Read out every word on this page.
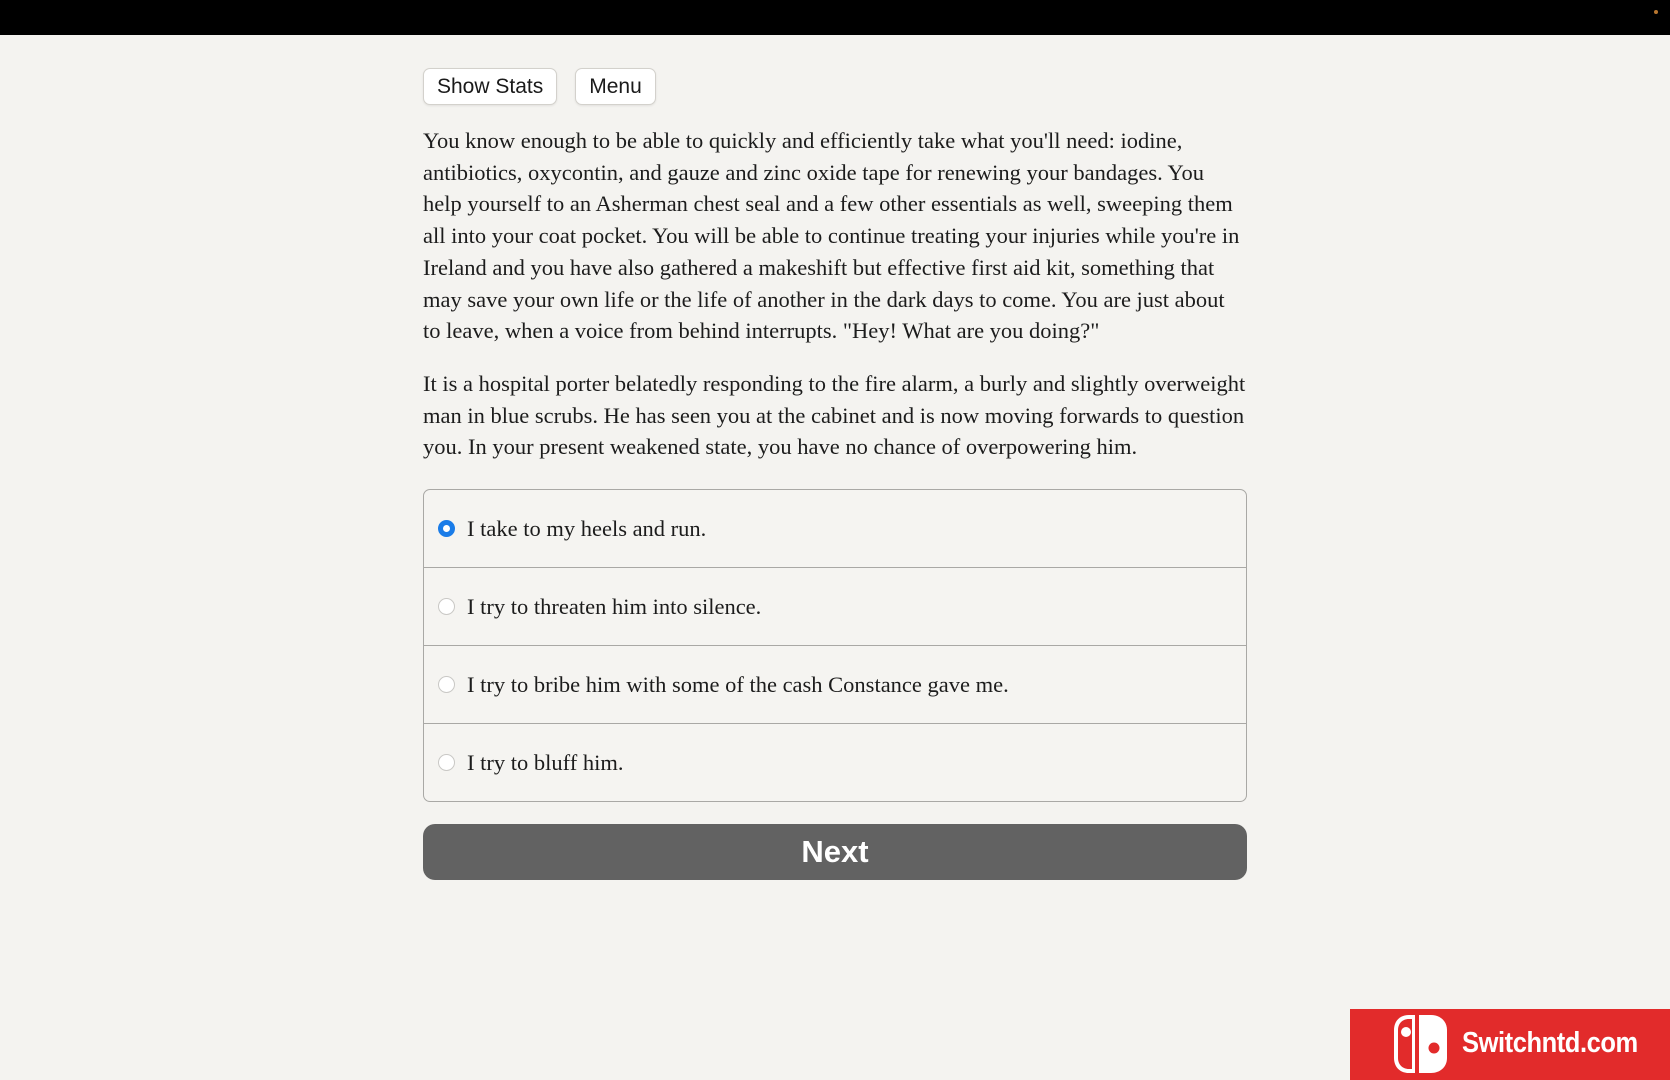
Show Stats	Menu

You know enough to be able to quickly and efficiently take what you'll need: iodine, antibiotics, oxycontin, and gauze and zinc oxide tape for renewing your bandages. You help yourself to an Asherman chest seal and a few other essentials as well, sweeping them all into your coat pocket. You will be able to continue treating your injuries while you're in Ireland and you have also gathered a makeshift but effective first aid kit, something that may save your own life or the life of another in the dark days to come. You are just about to leave, when a voice from behind interrupts. "Hey! What are you doing?"

It is a hospital porter belatedly responding to the fire alarm, a burly and slightly overweight man in blue scrubs. He has seen you at the cabinet and is now moving forwards to question you. In your present weakened state, you have no chance of overpowering him.

I take to my heels and run.
I try to threaten him into silence.
I try to bribe him with some of the cash Constance gave me.
I try to bluff him.
Next
Switchntd.com
